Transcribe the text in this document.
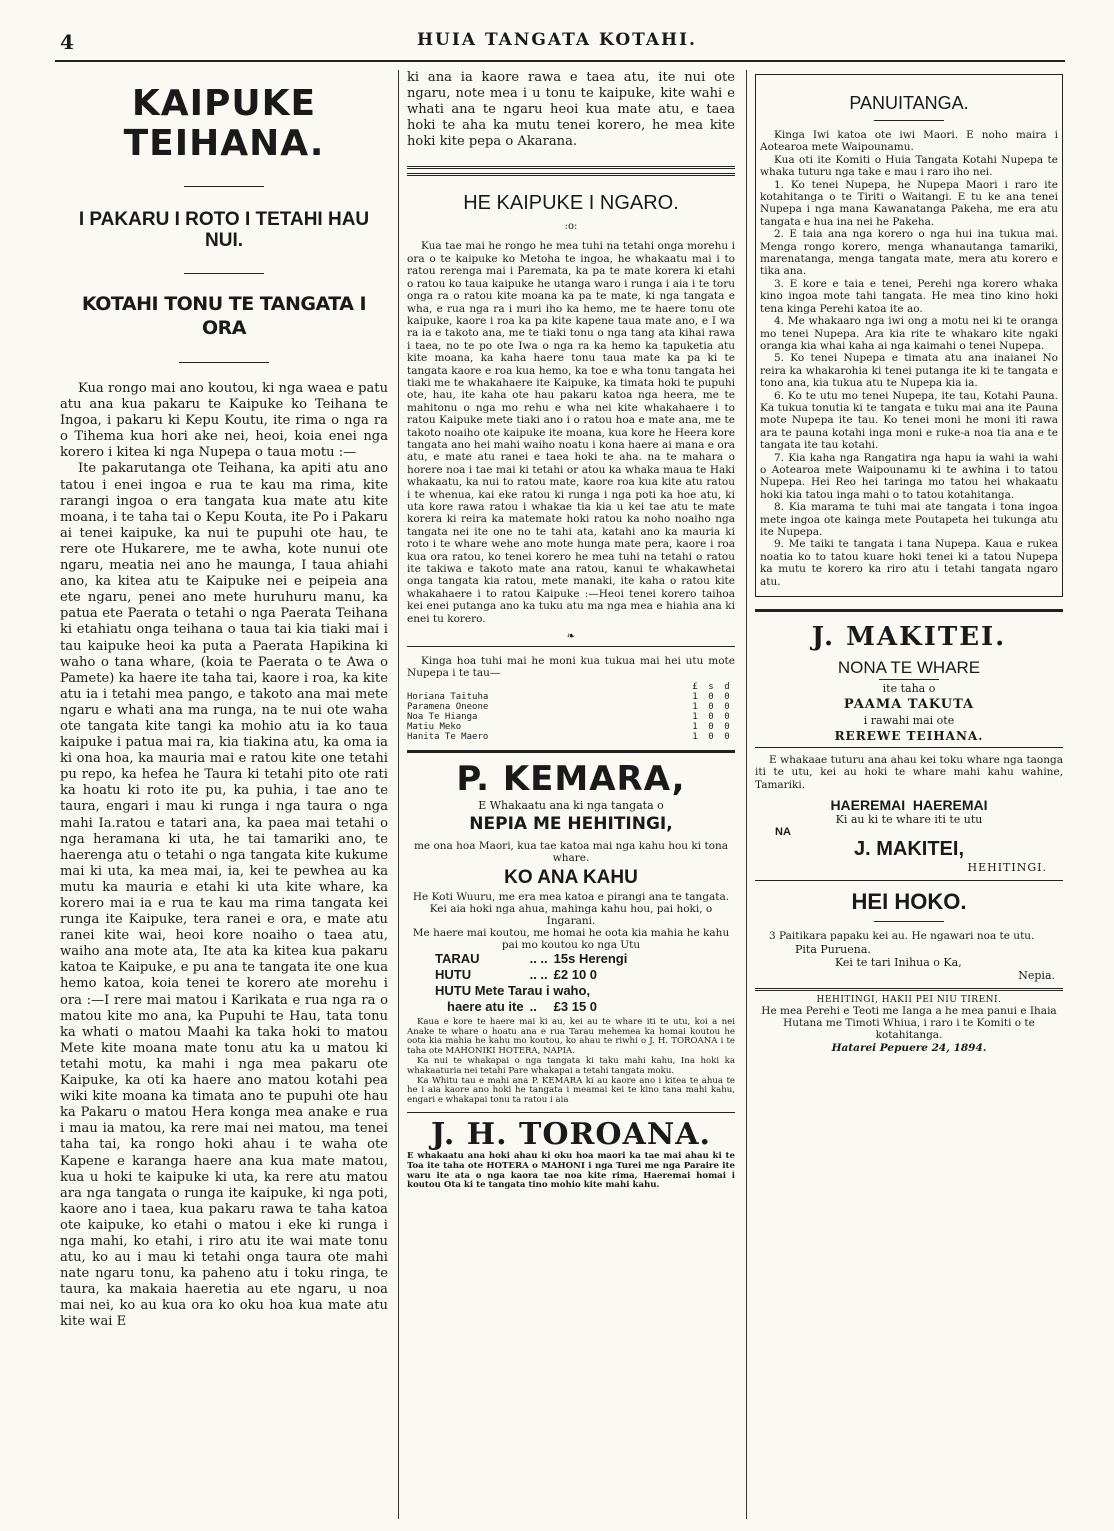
4	HUIA TANGATA KOTAHI.
KAIPUKE TEIHANA.
I PAKARU I ROTO I TETAHI HAU NUI.
KOTAHI TONU TE TANGATA I ORA

Kua rongo mai ano koutou, ki nga waea e patu atu ana kua pakaru te Kaipuke ko Teihana te Ingoa, i pakaru ki Kepu Koutu, ite rima o nga ra o Tihema kua hori ake nei, heoi, koia enei nga korero i kitea ki nga Nupepa o taua motu :—

Ite pakarutanga ote Teihana, ka apiti atu ano tatou i enei ingoa e rua te kau ma rima, kite rarangi ingoa o era tangata kua mate atu kite moana, i te taha tai o Kepu Kouta, ite Po i Pakaru ai tenei kaipuke, ka nui te pupuhi ote hau, te rere ote Hukarere, me te awha, kote nunui ote ngaru, meatia nei ano he maunga, I taua ahiahi ano, ka kitea atu te Kaipuke nei e peipeia ana ete ngaru, penei ano mete huruhuru manu, ka patua ete Paerata o tetahi o nga Paerata Teihana ki etahiatu onga teihana o taua tai kia tiaki mai i tau kaipuke heoi ka puta a Paerata Hapikina ki waho o tana whare, (koia te Paerata o te Awa o Pamete) ka haere ite taha tai, kaore i roa, ka kite atu ia i tetahi mea pango, e takoto ana mai mete ngaru e whati ana ma runga, na te nui ote waha ote tangata kite tangi ka mohio atu ia ko taua kaipuke i patua mai ra, kia tiakina atu, ka oma ia ki ona hoa, ka mauria mai e ratou kite one tetahi pu repo, ka hefea he Taura ki tetahi pito ote rati ka hoatu ki roto ite pu, ka puhia, i tae ano te taura, engari i mau ki runga i nga taura o nga mahi Ia.ratou e tatari ana, ka paea mai tetahi o nga heramana ki uta, he tai tamariki ano, te haerenga atu o tetahi o nga tangata kite kukume mai ki uta, ka mea mai, ia, kei te pewhea au ka mutu ka mauria e etahi ki uta kite whare, ka korero mai ia e rua te kau ma rima tangata kei runga ite Kaipuke, tera ranei e ora, e mate atu ranei kite wai, heoi kore noaiho o taea atu, waiho ana mote ata, Ite ata ka kitea kua pakaru katoa te Kaipuke, e pu ana te tangata ite one kua hemo katoa, koia tenei te korero ate morehu i ora :—I rere mai matou i Karikata e rua nga ra o matou kite mo ana, ka Pupuhi te Hau, tata tonu ka whati o matou Maahi ka taka hoki to matou Mete kite moana mate tonu atu ka u matou ki tetahi motu, ka mahi i nga mea pakaru ote Kaipuke, ka oti ka haere ano matou kotahi pea wiki kite moana ka timata ano te pupuhi ote hau ka Pakaru o matou Hera konga mea anake e rua i mau ia matou, ka rere mai nei matou, ma tenei taha tai, ka rongo hoki ahau i te waha ote Kapene e karanga haere ana kua mate matou, kua u hoki te kaipuke ki uta, ka rere atu matou ara nga tangata o runga ite kaipuke, ki nga poti, kaore ano i taea, kua pakaru rawa te taha katoa ote kaipuke, ko etahi o matou i eke ki runga i nga mahi, ko etahi, i riro atu ite wai mate tonu atu, ko au i mau ki tetahi onga taura ote mahi nate ngaru tonu, ka paheno atu i toku ringa, te taura, ka makaia haeretia au ete ngaru, u noa mai nei, ko au kua ora ko oku hoa kua mate atu kite wai E

ki ana ia kaore rawa e taea atu, ite nui ote ngaru, note mea i u tonu te kaipuke, kite wahi e whati ana te ngaru heoi kua mate atu, e taea hoki te aha ka mutu tenei korero, he mea kite hoki kite pepa o Akarana.

HE KAIPUKE I NGARO.
:o:

Kua tae mai he rongo he mea tuhi na tetahi onga morehu i ora o te kaipuke ko Metoha te ingoa, he whakaatu mai i to ratou rerenga mai i Paremata, ka pa te mate korera ki etahi o ratou ko taua kaipuke he utanga waro i runga i aia i te toru onga ra o ratou kite moana ka pa te mate, ki nga tangata e wha, e rua nga ra i muri iho ka hemo, me te haere tonu ote kaipuke, kaore i roa ka pa kite kapene taua mate ano, e I wa ra ia e takoto ana, me te tiaki tonu o nga tang ata kihai rawa i taea, no te po ote Iwa o nga ra ka hemo ka tapuketia atu kite moana, ka kaha haere tonu taua mate ka pa ki te tangata kaore e roa kua hemo, ka toe e wha tonu tangata hei tiaki me te whakahaere ite Kaipuke, ka timata hoki te pupuhi ote, hau, ite kaha ote hau pakaru katoa nga heera, me te mahitonu o nga mo rehu e wha nei kite whakahaere i to ratou Kaipuke mete tiaki ano i o ratou hoa e mate ana, me te takoto noaiho ote kaipuke ite moana, kua kore he Heera kore tangata ano hei mahi waiho noatu i kona haere ai mana e ora atu, e mate atu ranei e taea hoki te aha. na te mahara o horere noa i tae mai ki tetahi or atou ka whaka maua te Haki whakaatu, ka nui to ratou mate, kaore roa kua kite atu ratou i te whenua, kai eke ratou ki runga i nga poti ka hoe atu, ki uta kore rawa ratou i whakae tia kia u kei tae atu te mate korera ki reira ka matemate hoki ratou ka noho noaiho nga tangata nei ite one no te tahi ata, katahi ano ka mauria ki roto i te whare wehe ano mote hunga mate pera, kaore i roa kua ora ratou, ko tenei korero he mea tuhi na tetahi o ratou ite takiwa e takoto mate ana ratou, kanui te whakawhetai onga tangata kia ratou, mete manaki, ite kaha o ratou kite whakahaere i to ratou Kaipuke :—Heoi tenei korero taihoa kei enei putanga ano ka tuku atu ma nga mea e hiahia ana ki enei tu korero.

❧

Kinga hoa tuhi mai he moni kua tukua mai hei utu mote Nupepa i te tau—

	£	s	d
Horiana Taituha	1	0	0
Paramena Oneone	1	0	0
Noa Te Hianga	1	0	0
Matiu Meko	1	0	0
Hanita Te Maero	1	0	0
P. KEMARA,
E Whakaatu ana ki nga tangata o
NEPIA ME HEHITINGI,
me ona hoa Maori, kua tae katoa mai nga kahu hou ki tona whare.
KO ANA KAHU
He Koti Wuuru, me era mea katoa e pirangi ana te tangata. Kei aia hoki nga ahua, mahinga kahu hou, pai hoki, o Ingarani.
Me haere mai koutou, me homai he oota kia mahia he kahu pai mo koutou ko nga Utu
TARAU	.. ..	15s Herengi
HUTU	.. ..	£2 10 0
HUTU Mete Tarau i waho,		
haere atu ite	..	£3 15 0

Kaua e kore te haere mai ki au, kei au te whare iti te utu, koi a nei Anake te whare o hoatu ana e rua Tarau mehemea ka homai koutou he oota kia mahia he kahu mo koutou, ko ahau te riwhi o J. H. TOROANA i te taha ote MAHONIKI HOTERA, NAPIA.

Ka nui te whakapai o nga tangata ki taku mahi kahu, Ina hoki ka whakaaturia nei tetahi Pare whakapai a tetahi tangata moku.

Ka Whitu tau e mahi ana P. KEMARA ki au kaore ano i kitea te ahua te he i aia kaore ano hoki he tangata i meamai kei te kino tana mahi kahu, engari e whakapai tonu ta ratou i aia

J. H. TOROANA.

E whakaatu ana hoki ahau ki oku hoa maori ka tae mai ahau ki te Toa ite taha ote HOTERA o MAHONI i nga Turei me nga Paraire ite waru ite ata o nga kaora tae noa kite rima, Haeremai homai i koutou Ota ki te tangata tino mohio kite mahi kahu.

PANUITANGA.

Kinga Iwi katoa ote iwi Maori. E noho maira i Aotearoa mete Waipounamu.

Kua oti ite Komiti o Huia Tangata Kotahi Nupepa te whaka tuturu nga take e mau i raro iho nei.

1. Ko tenei Nupepa, he Nupepa Maori i raro ite kotahitanga o te Tiriti o Waitangi. E tu ke ana tenei Nupepa i nga mana Kawanatanga Pakeha, me era atu tangata e hua ina nei he Pakeha.

2. E taia ana nga korero o nga hui ina tukua mai. Menga rongo korero, menga whanautanga tamariki, marenatanga, menga tangata mate, mera atu korero e tika ana.

3. E kore e taia e tenei, Perehi nga korero whaka kino ingoa mote tahi tangata. He mea tino kino hoki tena kinga Perehi katoa ite ao.

4. Me whakaaro nga iwi ong a motu nei ki te oranga mo tenei Nupepa. Ara kia rite te whakaro kite ngaki oranga kia whai kaha ai nga kaimahi o tenei Nupepa.

5. Ko tenei Nupepa e timata atu ana inaianei No reira ka whakarohia ki tenei putanga ite ki te tangata e tono ana, kia tukua atu te Nupepa kia ia.

6. Ko te utu mo tenei Nupepa, ite tau, Kotahi Pauna. Ka tukua tonutia ki te tangata e tuku mai ana ite Pauna mote Nupepa ite tau. Ko tenei moni he moni iti rawa ara te pauna kotahi inga moni e ruke-a noa tia ana e te tangata ite tau kotahi.

7. Kia kaha nga Rangatira nga hapu ia wahi ia wahi o Aotearoa mete Waipounamu ki te awhina i to tatou Nupepa. Hei Reo hei taringa mo tatou hei whakaatu hoki kia tatou inga mahi o to tatou kotahitanga.

8. Kia marama te tuhi mai ate tangata i tona ingoa mete ingoa ote kainga mete Poutapeta hei tukunga atu ite Nupepa.

9. Me taiki te tangata i tana Nupepa. Kaua e rukea noatia ko to tatou kuare hoki tenei ki a tatou Nupepa ka mutu te korero ka riro atu i tetahi tangata ngaro atu.

J. MAKITEI.
NONA TE WHARE
ite taha o
PAAMA TAKUTA
i rawahi mai ote
REREWE TEIHANA.

E whakaae tuturu ana ahau kei toku whare nga taonga iti te utu, kei au hoki te whare mahi kahu wahine, Tamariki.

HAEREMAI  HAEREMAI
Ki au ki te whare iti te utu
NA
J. MAKITEI,
HEHITINGI.
HEI HOKO.

3 Paitikara papaku kei au. He ngawari noa te utu.

Pita Puruena.
Kei te tari Inihua o Ka,
Nepia.
HEHITINGI, HAKII PEI NIU TIRENI.

He mea Perehi e Teoti me Ianga a he mea panui e Ihaia Hutana me Timoti Whiua, i raro i te Komiti o te kotahitanga.

Hatarei Pepuere 24, 1894.
